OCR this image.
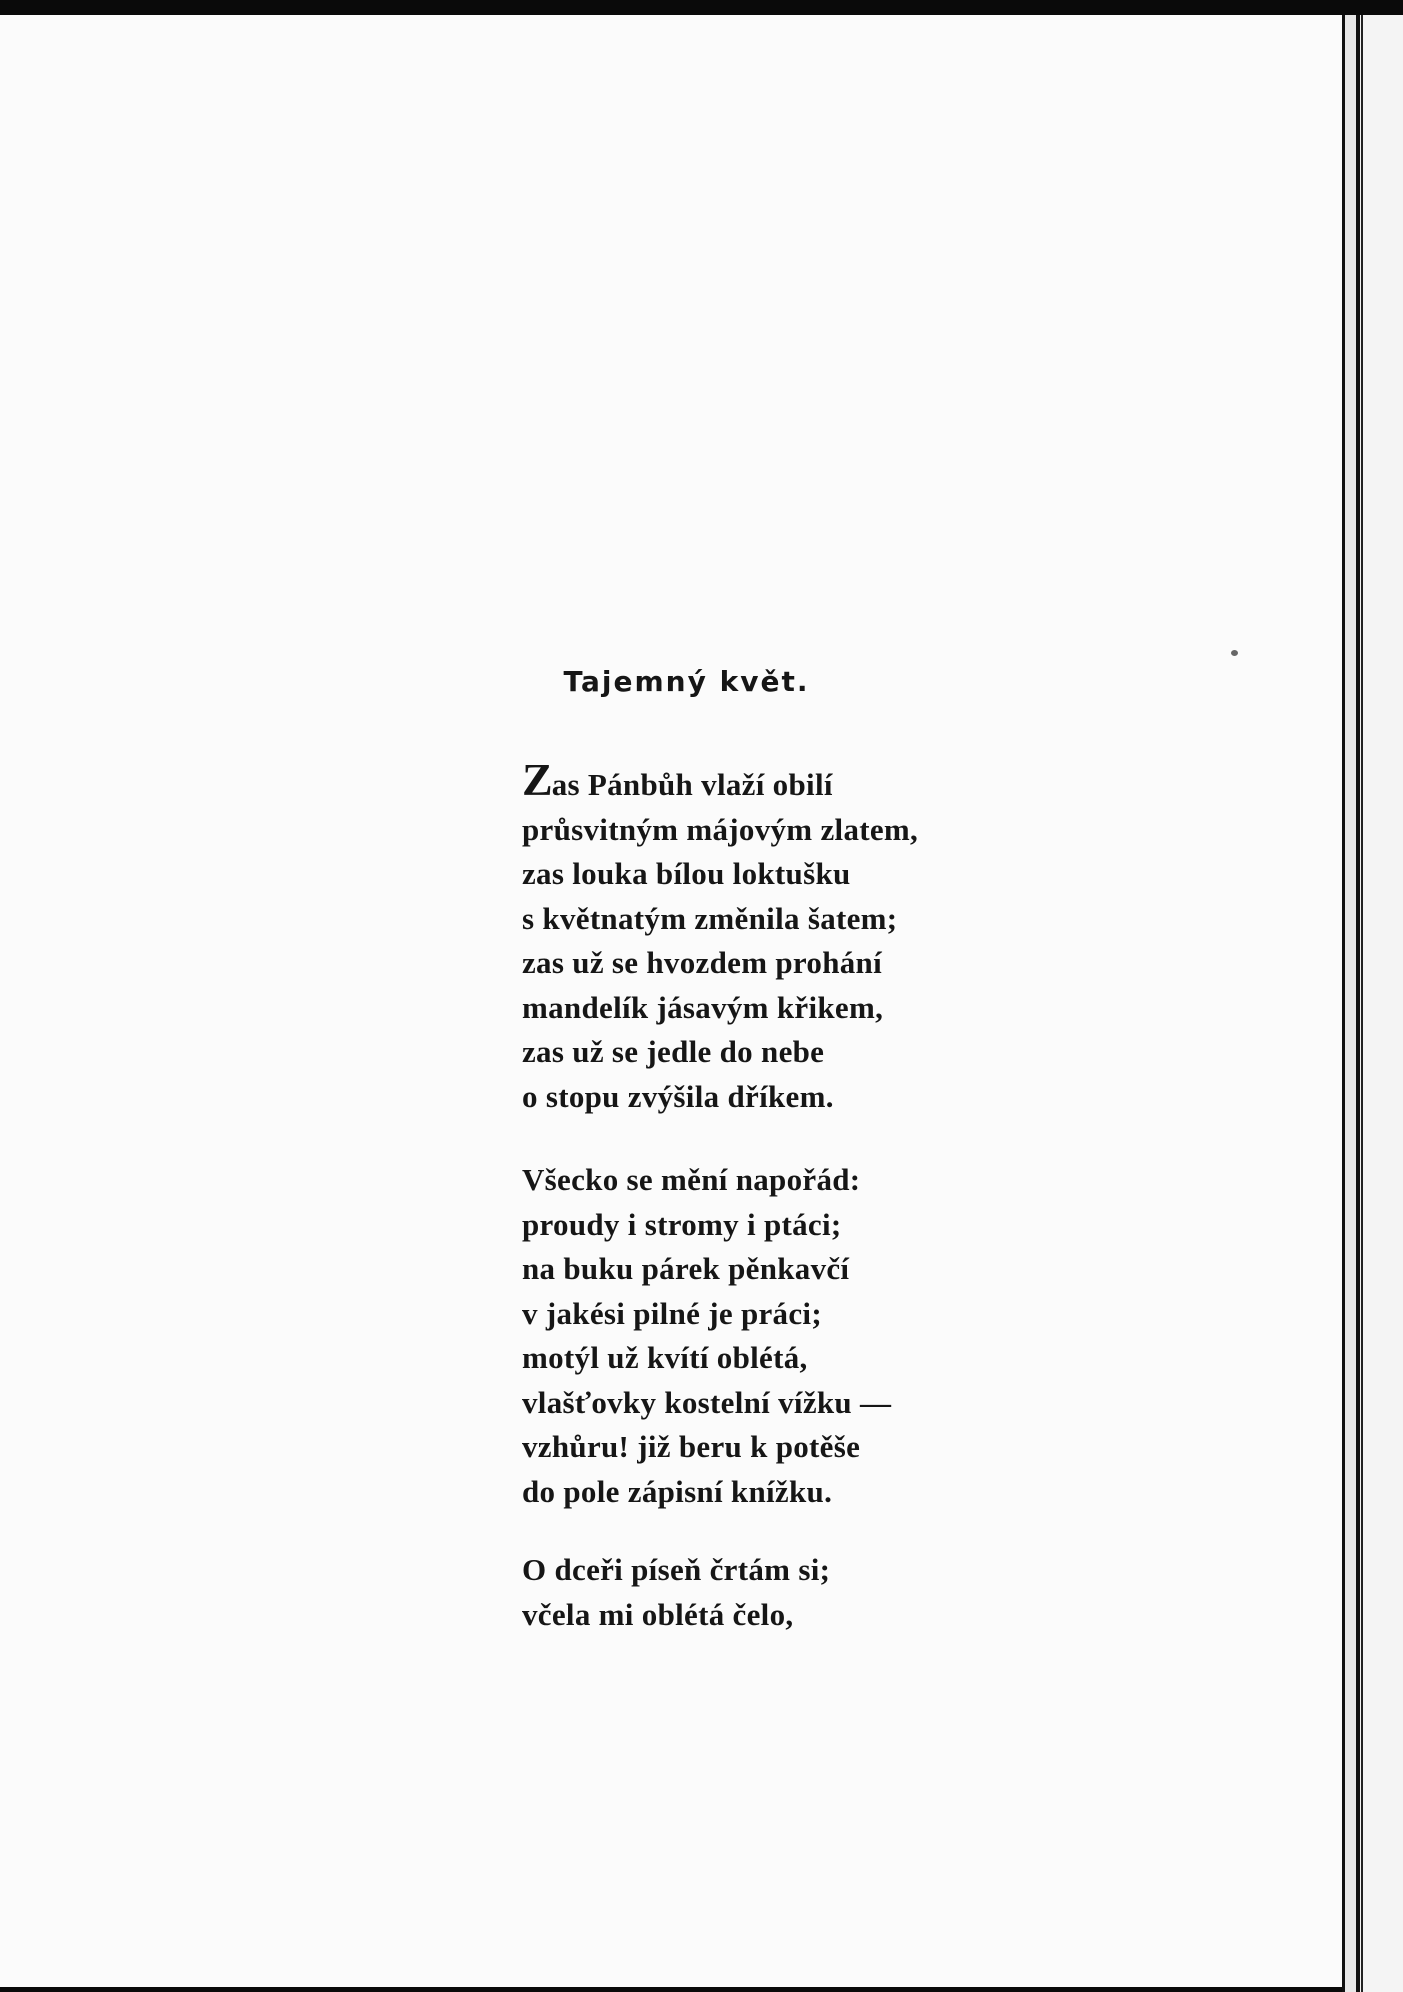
Tajemný květ.
Zas Pánbůh vlaží obilí
průsvitným májovým zlatem,
zas louka bílou loktušku
s květnatým změnila šatem;
zas už se hvozdem prohání
mandelík jásavým křikem,
zas už se jedle do nebe
o stopu zvýšila dříkem.
Všecko se mění napořád:
proudy i stromy i ptáci;
na buku párek pěnkavčí
v jakési pilné je práci;
motýl už kvítí oblétá,
vlašťovky kostelní vížku —
vzhůru! již beru k potěše
do pole zápisní knížku.
O dceři píseň črtám si;
včela mi oblétá čelo,
